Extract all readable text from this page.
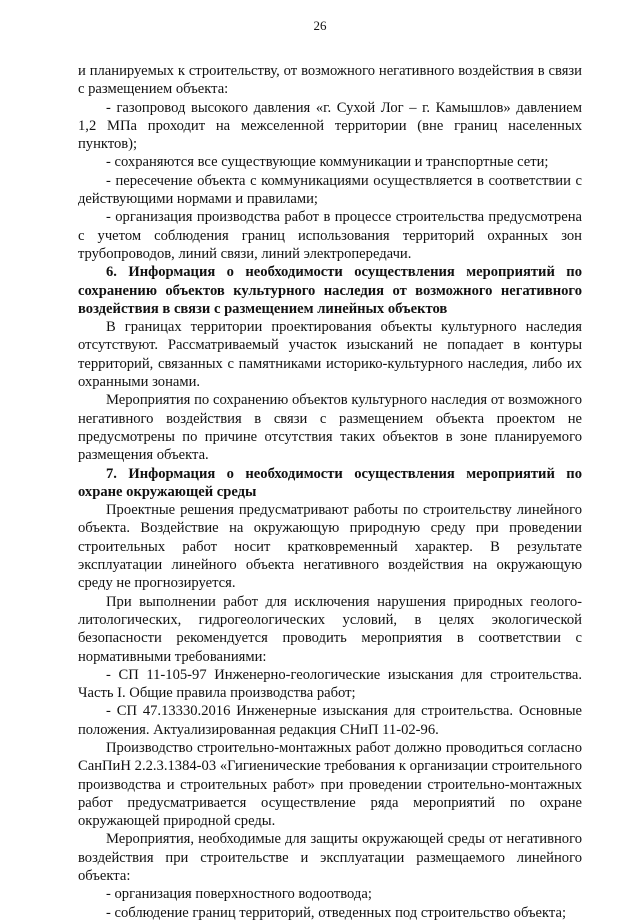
26

и планируемых к строительству, от возможного негативного воздействия в связи с размещением объекта:

- газопровод высокого давления «г. Сухой Лог – г. Камышлов» давлением 1,2 МПа проходит на межселенной территории (вне границ населенных пунктов);

- сохраняются все существующие коммуникации и транспортные сети;

- пересечение объекта с коммуникациями осуществляется в соответствии с действующими нормами и правилами;

- организация производства работ в процессе строительства предусмотрена с учетом соблюдения границ использования территорий охранных зон трубопроводов, линий связи, линий электропередачи.

6. Информация о необходимости осуществления мероприятий по сохранению объектов культурного наследия от возможного негативного воздействия в связи с размещением линейных объектов

В границах территории проектирования объекты культурного наследия отсутствуют. Рассматриваемый участок изысканий не попадает в контуры территорий, связанных с памятниками историко-культурного наследия, либо их охранными зонами.

Мероприятия по сохранению объектов культурного наследия от возможного негативного воздействия в связи с размещением объекта проектом не предусмотрены по причине отсутствия таких объектов в зоне планируемого размещения объекта.

7. Информация о необходимости осуществления мероприятий по охране окружающей среды

Проектные решения предусматривают работы по строительству линейного объекта. Воздействие на окружающую природную среду при проведении строительных работ носит кратковременный характер. В результате эксплуатации линейного объекта негативного воздействия на окружающую среду не прогнозируется.

При выполнении работ для исключения нарушения природных геолого-литологических, гидрогеологических условий, в целях экологической безопасности рекомендуется проводить мероприятия в соответствии с нормативными требованиями:

- СП 11-105-97 Инженерно-геологические изыскания для строительства. Часть I. Общие правила производства работ;

- СП 47.13330.2016 Инженерные изыскания для строительства. Основные положения. Актуализированная редакция СНиП 11-02-96.

Производство строительно-монтажных работ должно проводиться согласно СанПиН 2.2.3.1384-03 «Гигиенические требования к организации строительного производства и строительных работ» при проведении строительно-монтажных работ предусматривается осуществление ряда мероприятий по охране окружающей природной среды.

Мероприятия, необходимые для защиты окружающей среды от негативного воздействия при строительстве и эксплуатации размещаемого линейного объекта:

- организация поверхностного водоотвода;

- соблюдение границ территорий, отведенных под строительство объекта;
